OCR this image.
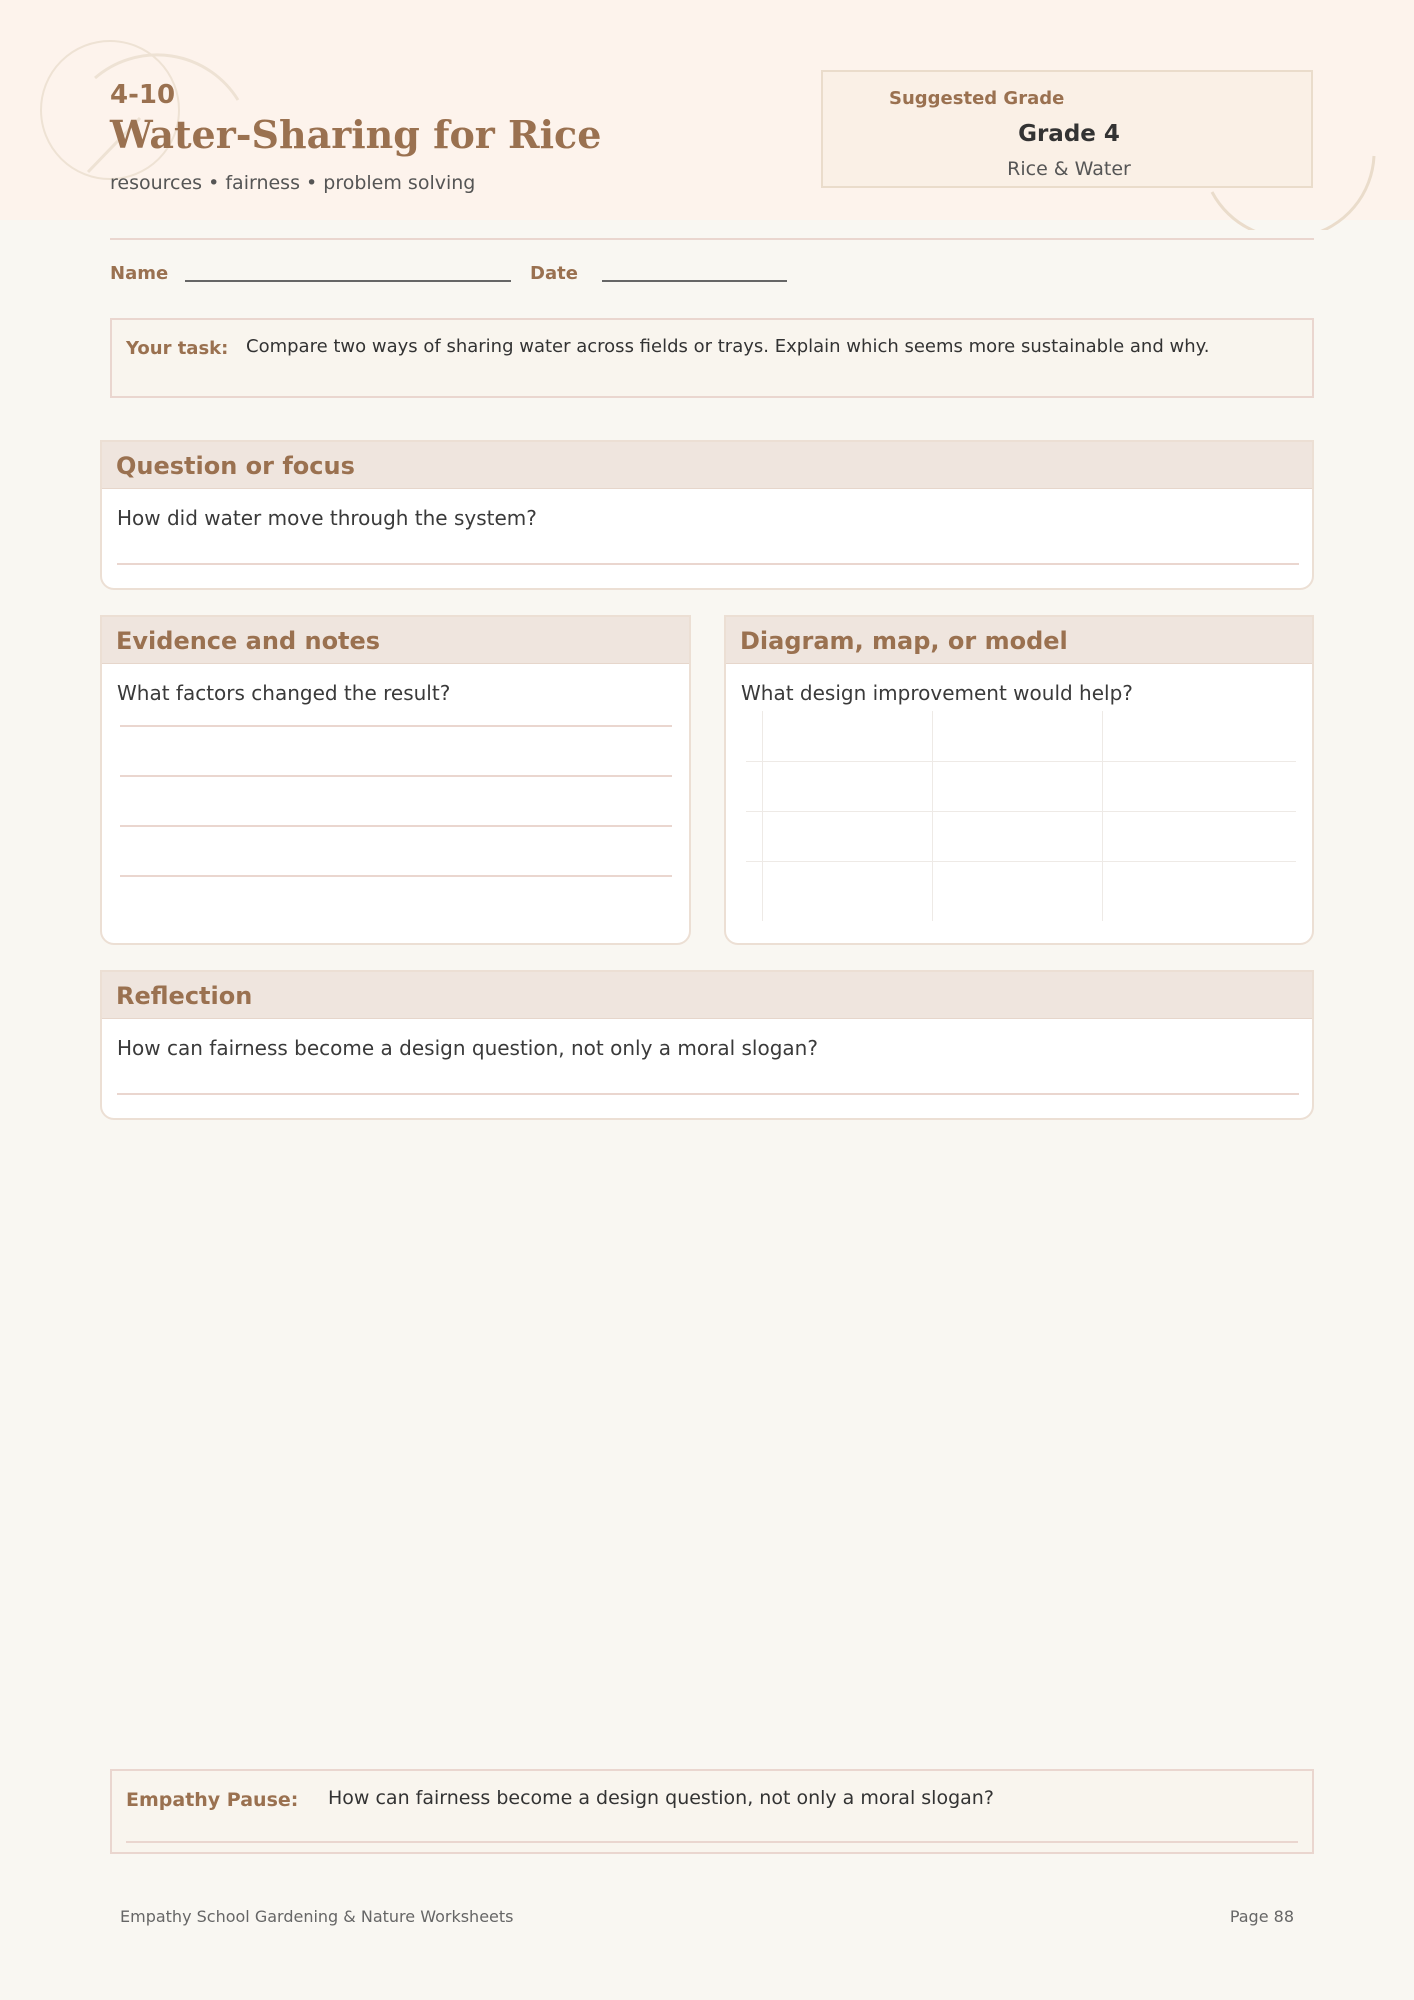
4-10
Water-Sharing for Rice
resources • fairness • problem solving
Suggested Grade
Grade 4
Rice & Water
Name	Date
Your task: Compare two ways of sharing water across fields or trays. Explain which seems more sustainable and why.
Question or focus
How did water move through the system?
Evidence and notes
What factors changed the result?
Diagram, map, or model
What design improvement would help?
Reflection
How can fairness become a design question, not only a moral slogan?
Empathy Pause: How can fairness become a design question, not only a moral slogan?
Empathy School Gardening & Nature Worksheets	Page 88
